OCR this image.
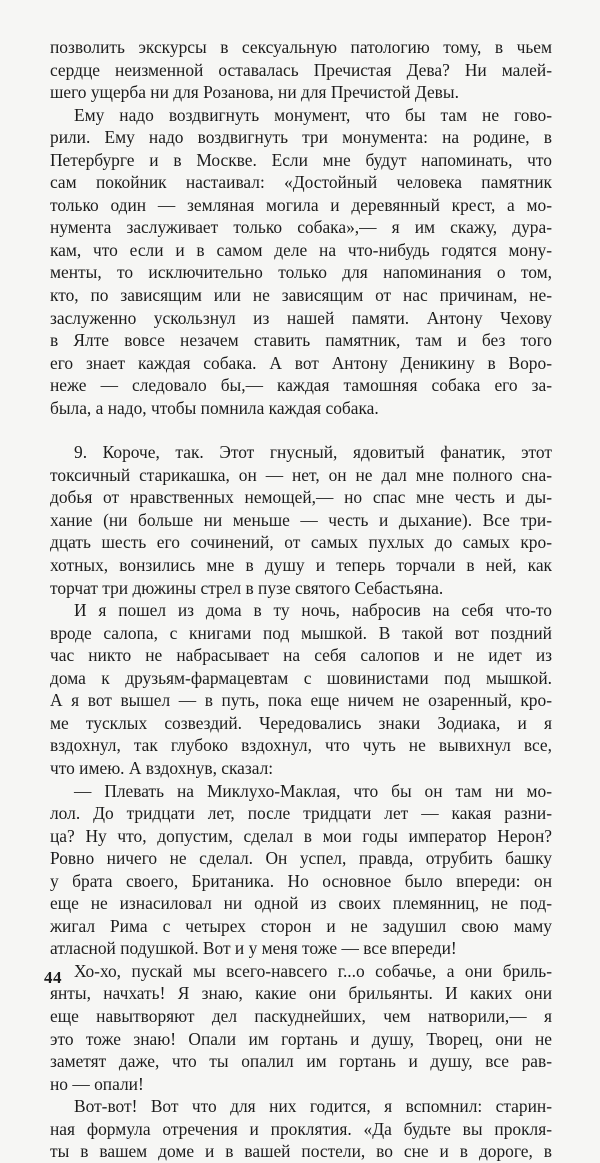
позволить экскурсы в сексуальную патологию тому, в чьем
сердце неизменной оставалась Пречистая Дева? Ни малей-
шего ущерба ни для Розанова, ни для Пречистой Девы.
Ему надо воздвигнуть монумент, что бы там не гово-
рили. Ему надо воздвигнуть три монумента: на родине, в
Петербурге и в Москве. Если мне будут напоминать, что
сам покойник настаивал: «Достойный человека памятник
только один — земляная могила и деревянный крест, а мо-
нумента заслуживает только собака»,— я им скажу, дура-
кам, что если и в самом деле на что-нибудь годятся мону-
менты, то исключительно только для напоминания о том,
кто, по зависящим или не зависящим от нас причинам, не-
заслуженно ускользнул из нашей памяти. Антону Чехову
в Ялте вовсе незачем ставить памятник, там и без того
его знает каждая собака. А вот Антону Деникину в Воро-
неже — следовало бы,— каждая тамошняя собака его за-
была, а надо, чтобы помнила каждая собака.
9. Короче, так. Этот гнусный, ядовитый фанатик, этот
токсичный старикашка, он — нет, он не дал мне полного сна-
добья от нравственных немощей,— но спас мне честь и ды-
хание (ни больше ни меньше — честь и дыхание). Все три-
дцать шесть его сочинений, от самых пухлых до самых кро-
хотных, вонзились мне в душу и теперь торчали в ней, как
торчат три дюжины стрел в пузе святого Себастьяна.
И я пошел из дома в ту ночь, набросив на себя что-то
вроде салопа, с книгами под мышкой. В такой вот поздний
час никто не набрасывает на себя салопов и не идет из
дома к друзьям-фармацевтам с шовинистами под мышкой.
А я вот вышел — в путь, пока еще ничем не озаренный, кро-
ме тусклых созвездий. Чередовались знаки Зодиака, и я
вздохнул, так глубоко вздохнул, что чуть не вывихнул все,
что имею. А вздохнув, сказал:
— Плевать на Миклухо-Маклая, что бы он там ни мо-
лол. До тридцати лет, после тридцати лет — какая разни-
ца? Ну что, допустим, сделал в мои годы император Нерон?
Ровно ничего не сделал. Он успел, правда, отрубить башку
у брата своего, Британика. Но основное было впереди: он
еще не изнасиловал ни одной из своих племянниц, не под-
жигал Рима с четырех сторон и не задушил свою маму
атласной подушкой. Вот и у меня тоже — все впереди!
Хо-хо, пускай мы всего-навсего г...о собачье, а они бриль-
янты, начхать! Я знаю, какие они брильянты. И каких они
еще навытворяют дел паскуднейших, чем натворили,— я
это тоже знаю! Опали им гортань и душу, Творец, они не
заметят даже, что ты опалил им гортань и душу, все рав-
но — опали!
Вот-вот! Вот что для них годится, я вспомнил: старин-
ная формула отречения и проклятия. «Да будьте вы прокля-
ты в вашем доме и в вашей постели, во сне и в дороге, в
44
